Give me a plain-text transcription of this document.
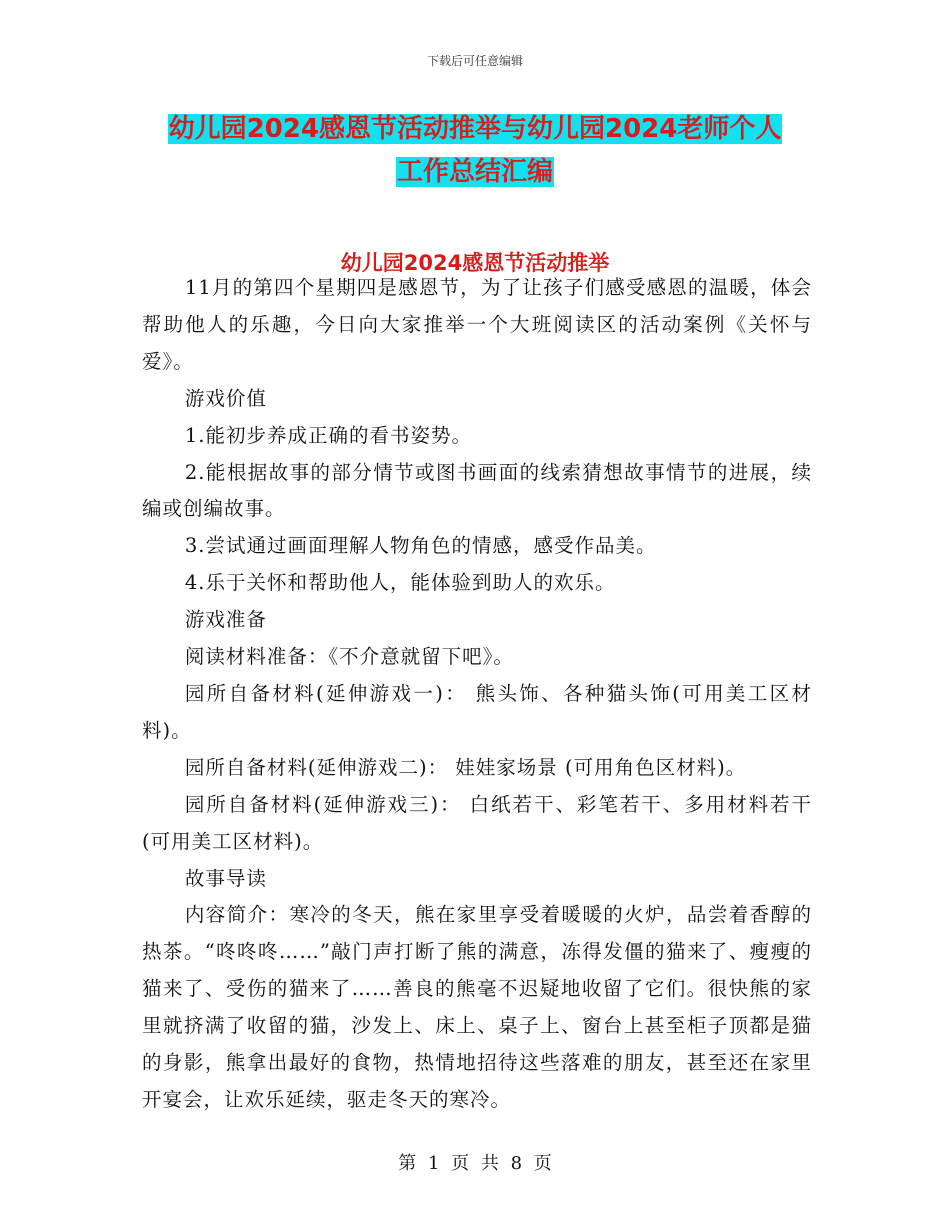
下载后可任意编辑
幼儿园2024感恩节活动推举与幼儿园2024老师个人
工作总结汇编
幼儿园2024感恩节活动推举

11月的第四个星期四是感恩节，为了让孩子们感受感恩的温暖，体会帮助他人的乐趣，今日向大家推举一个大班阅读区的活动案例《关怀与爱》。

游戏价值

1.能初步养成正确的看书姿势。

2.能根据故事的部分情节或图书画面的线索猜想故事情节的进展，续编或创编故事。

3.尝试通过画面理解人物角色的情感，感受作品美。

4.乐于关怀和帮助他人，能体验到助人的欢乐。

游戏准备

阅读材料准备：《不介意就留下吧》。

园所自备材料(延伸游戏一)： 熊头饰、各种猫头饰(可用美工区材料)。

园所自备材料(延伸游戏二)： 娃娃家场景 (可用角色区材料)。

园所自备材料(延伸游戏三)： 白纸若干、彩笔若干、多用材料若干(可用美工区材料)。

故事导读

内容简介：寒冷的冬天，熊在家里享受着暖暖的火炉，品尝着香醇的热茶。“咚咚咚……”敲门声打断了熊的满意，冻得发僵的猫来了、瘦瘦的猫来了、受伤的猫来了……善良的熊毫不迟疑地收留了它们。很快熊的家里就挤满了收留的猫，沙发上、床上、桌子上、窗台上甚至柜子顶都是猫的身影，熊拿出最好的食物，热情地招待这些落难的朋友，甚至还在家里开宴会，让欢乐延续，驱走冬天的寒冷。

第 1 页 共 8 页
